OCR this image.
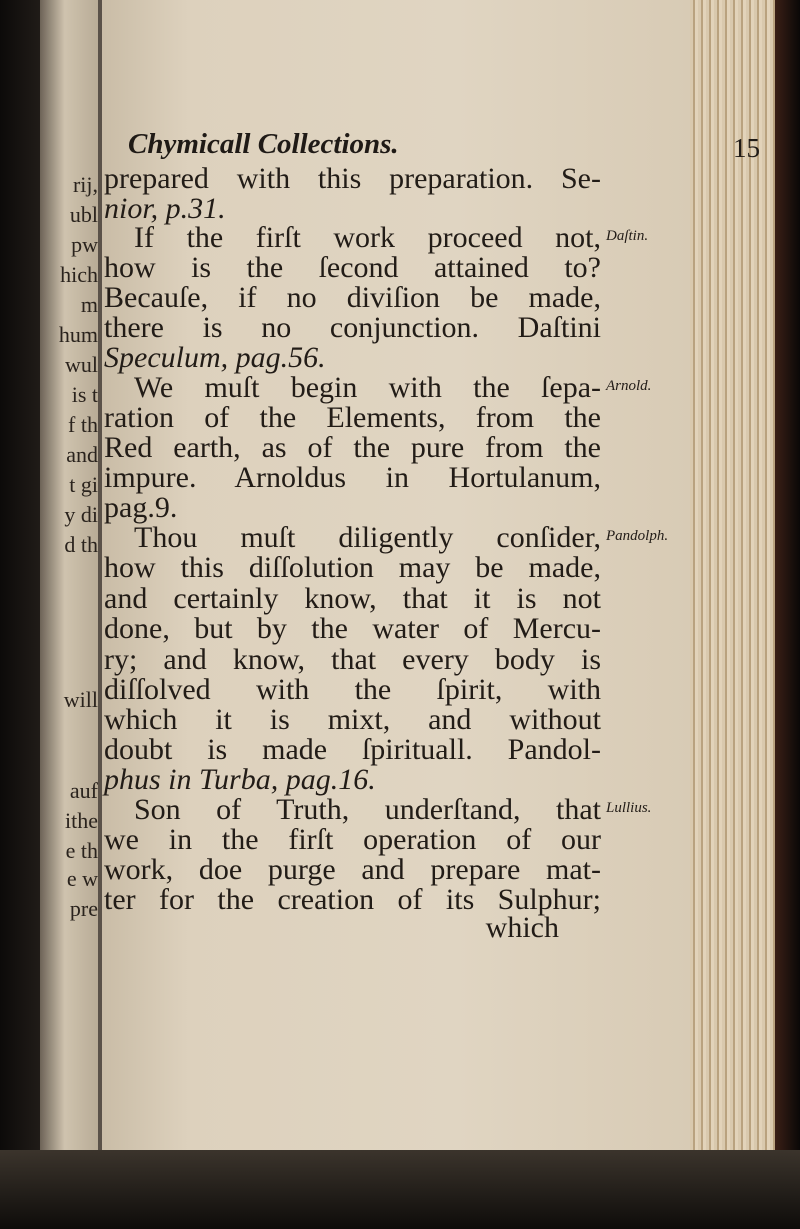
rij,
ubl
pw
hich
m
hum
wul
is t
f th
and
t gi
y di
d th
will
auf
ithe
e th
e w
pre
Chymicall Collections.	15
prepared with this preparation. Se-
nior, p.31.
If the firſt work proceed not,
how is the ſecond attained to?
Becauſe, if no diviſion be made,
there is no conjunction. Daſtini
Speculum, pag.56.
We muſt begin with the ſepa-
ration of the Elements, from the
Red earth, as of the pure from the
impure. Arnoldus in Hortulanum,
pag.9.
Thou muſt diligently conſider,
how this diſſolution may be made,
and certainly know, that it is not
done, but by the water of Mercu-
ry; and know, that every body is
diſſolved with the ſpirit, with
which it is mixt, and without
doubt is made ſpirituall. Pandol-
phus in Turba, pag.16.
Son of Truth, underſtand, that
we in the firſt operation of our
work, doe purge and prepare mat-
ter for the creation of its Sulphur;
which
Daſtin.
Arnold.
Pandolph.
Lullius.
